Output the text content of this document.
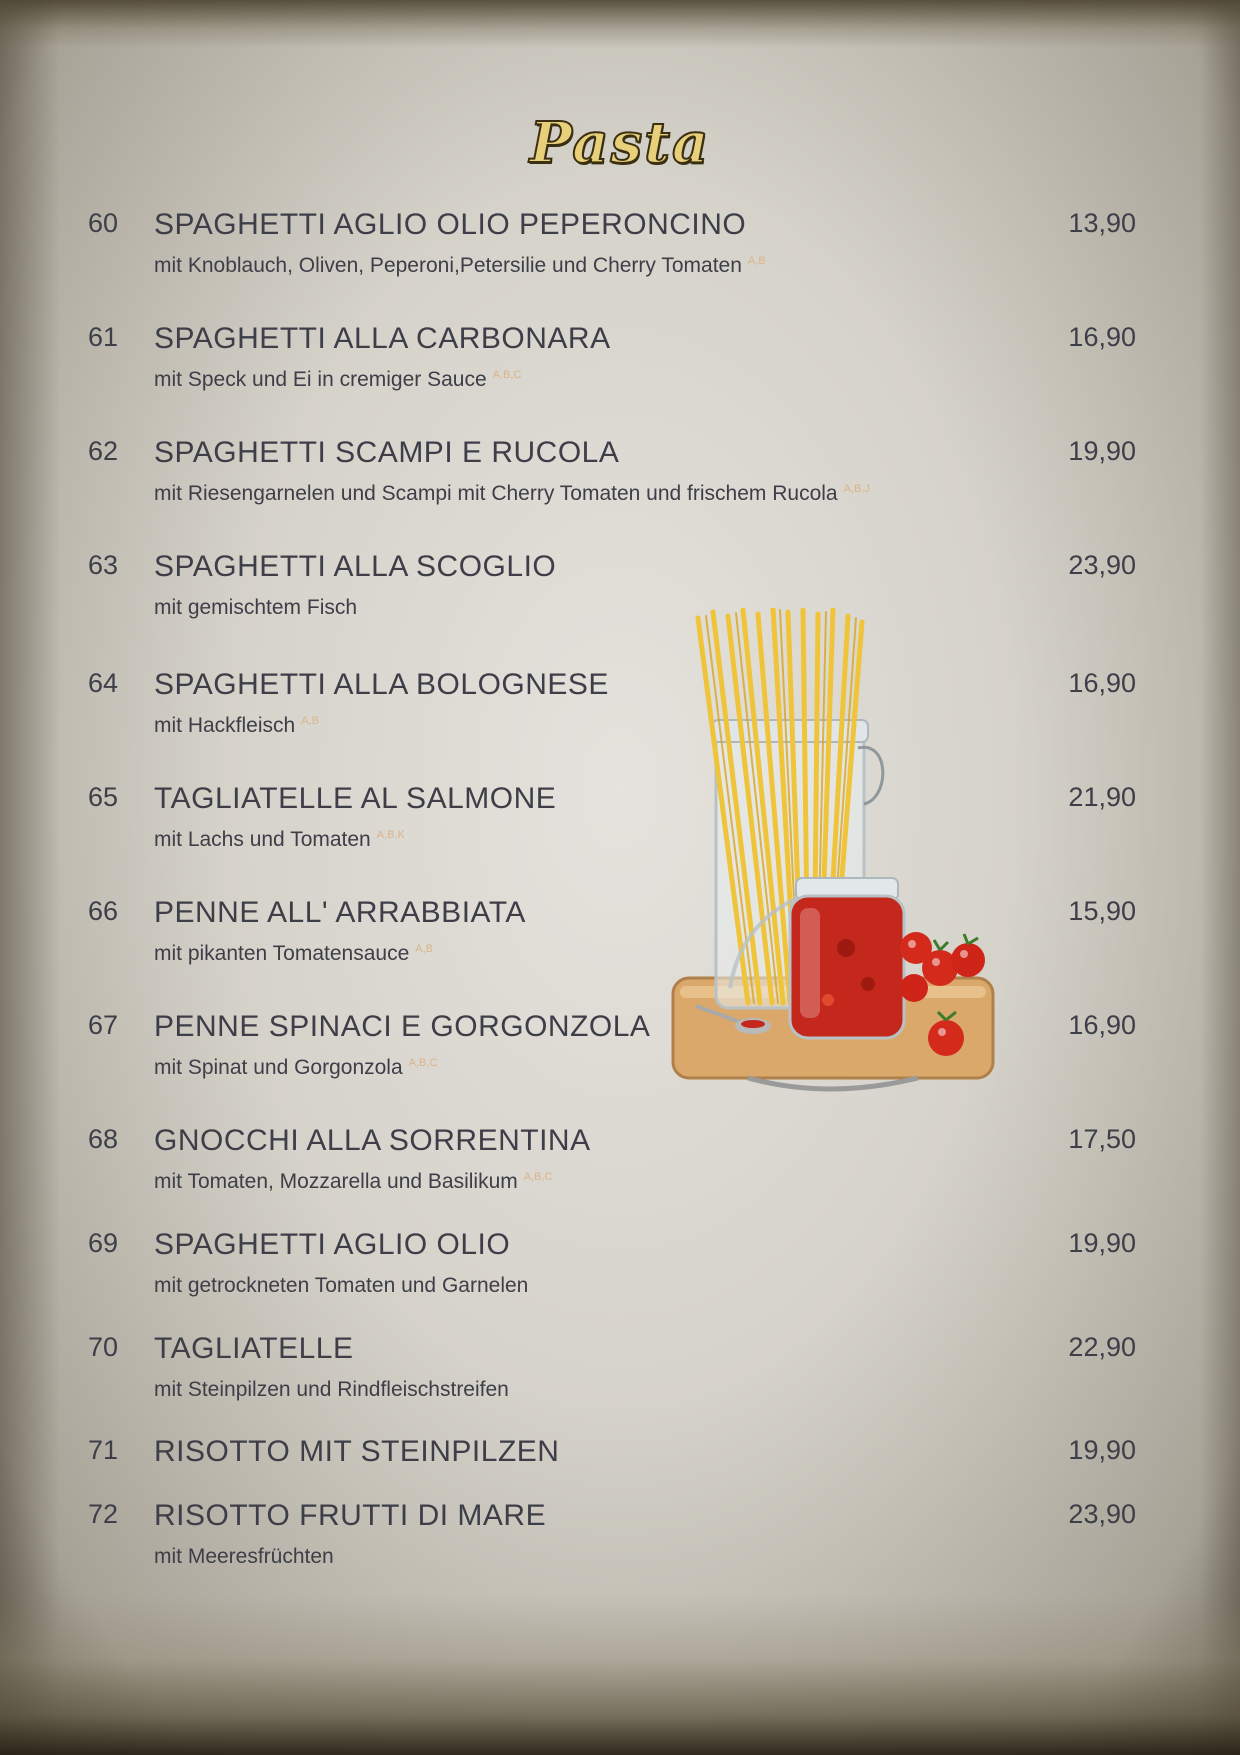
Pasta
60 SPAGHETTI AGLIO OLIO PEPERONCINO	13,90
mit Knoblauch, Oliven, Peperoni,Petersilie und Cherry Tomaten $^{A,B}$
61 SPAGHETTI ALLA CARBONARA	16,90
mit Speck und Ei in cremiger Sauce $^{A,B,C}$
62 SPAGHETTI SCAMPI E RUCOLA	19,90
mit Riesengarnelen und Scampi mit Cherry Tomaten und frischem Rucola $^{A,B,J}$
63 SPAGHETTI ALLA SCOGLIO	23,90
mit gemischtem Fisch
64 SPAGHETTI ALLA BOLOGNESE	16,90
mit Hackfleisch $^{A,B}$
65 TAGLIATELLE AL SALMONE	21,90
mit Lachs und Tomaten $^{A,B,K}$
66 PENNE ALL' ARRABBIATA	15,90
mit pikanten Tomatensauce $^{A,B}$
67 PENNE SPINACI E GORGONZOLA	16,90
mit Spinat und Gorgonzola $^{A,B,C}$
68 GNOCCHI ALLA SORRENTINA	17,50
mit Tomaten, Mozzarella und Basilikum $^{A,B,C}$
69 SPAGHETTI AGLIO OLIO	19,90
mit getrockneten Tomaten und Garnelen
70 TAGLIATELLE	22,90
mit Steinpilzen und Rindfleischstreifen
71 RISOTTO MIT STEINPILZEN	19,90
72 RISOTTO FRUTTI DI MARE	23,90
mit Meeresfrüchten
